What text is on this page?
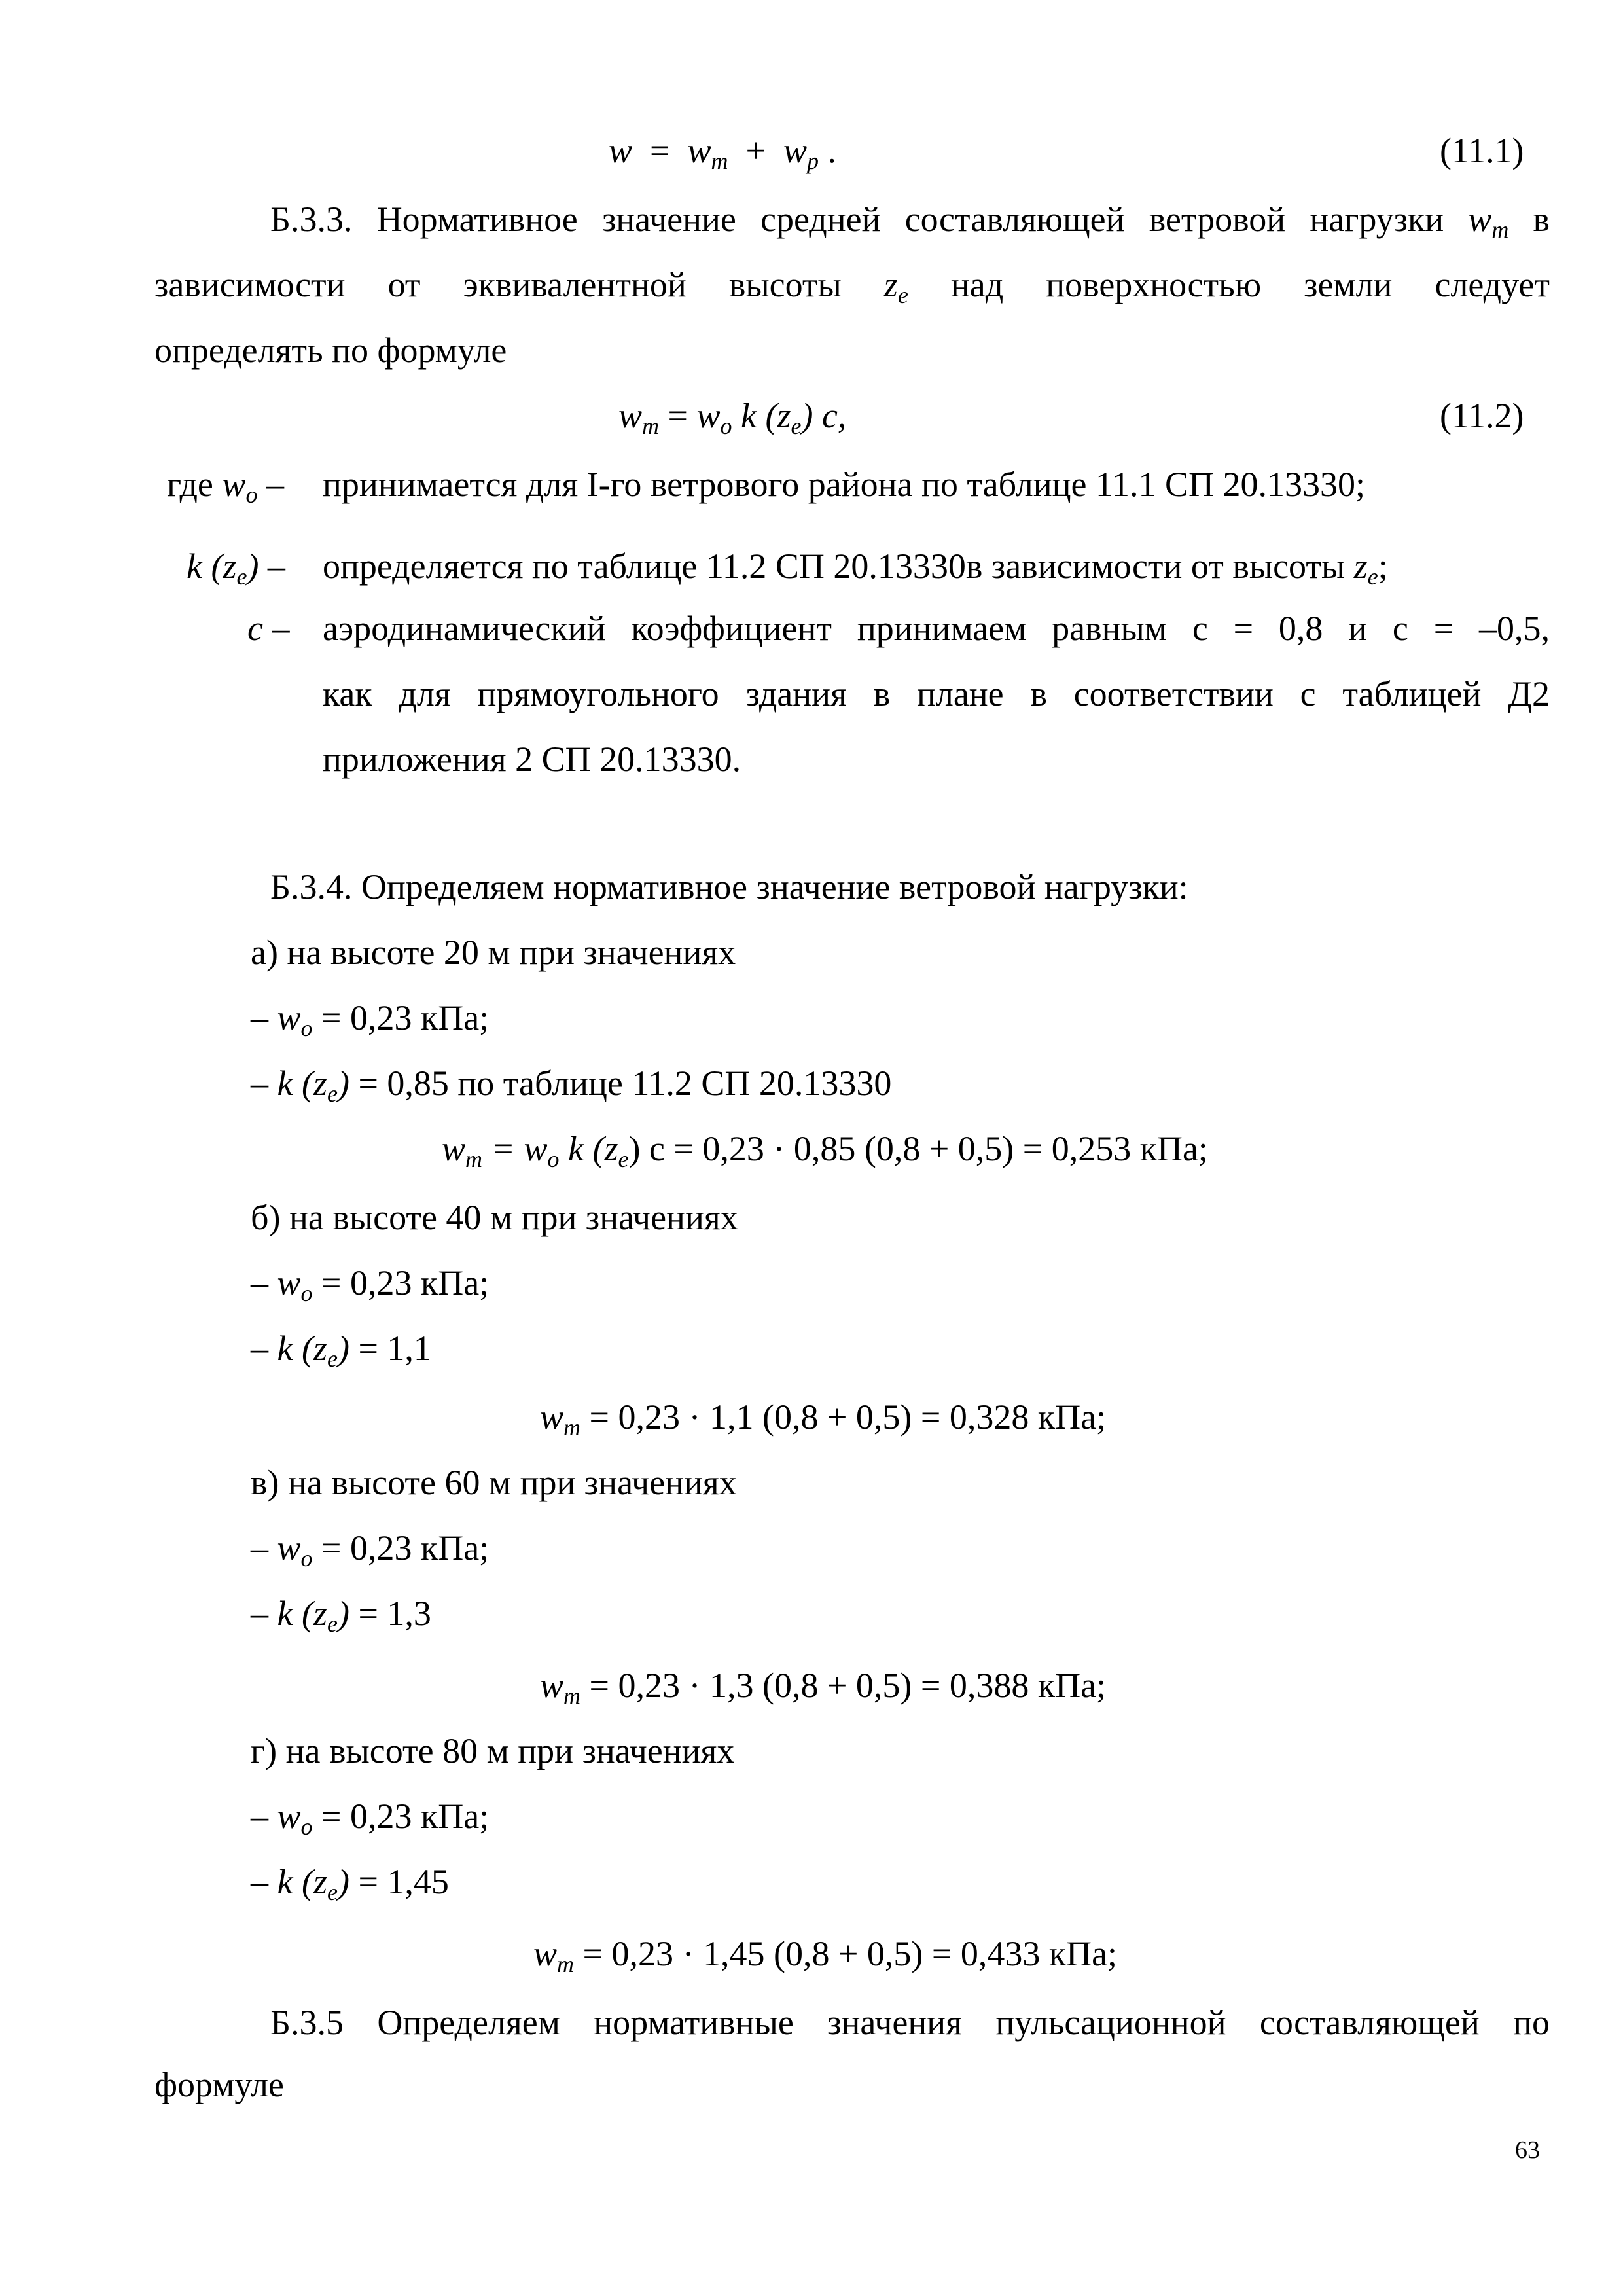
$w = w_m + w_p$ .	(11.1)
Б.3.3. Нормативное значение средней составляющей ветровой нагрузки $w_m$ в
зависимости от эквивалентной высоты $z_e$ над поверхностью земли следует
определять по формуле
$w_m = w_o$ k $(z_e)$ c,	(11.2)
где $w_o$ – принимается для I-го ветрового района по таблице 11.1 СП 20.13330;
k $(z_e)$ – определяется по таблице 11.2 СП 20.13330в зависимости от высоты $z_e$;
c – аэродинамический коэффициент принимаем равным с = 0,8 и с = –0,5,
как для прямоугольного здания в плане в соответствии с таблицей Д2
приложения 2 СП 20.13330.
Б.3.4. Определяем нормативное значение ветровой нагрузки:
а) на высоте 20 м при значениях
– $w_o = 0,23$ кПа;
– k $(z_e) = 0,85$ по таблице 11.2 СП 20.13330
$w_m = w_o$ k $(z_e) c = 0,23 \cdot 0,85$ (0,8 + 0,5) = 0,253 кПа;
б) на высоте 40 м при значениях
– $w_o = 0,23$ кПа;
– k $(z_e) = 1,1$
$w_m = 0,23 \cdot 1,1$ (0,8 + 0,5) = 0,328 кПа;
в) на высоте 60 м при значениях
– $w_o = 0,23$ кПа;
– k $(z_e) = 1,3$
$w_m = 0,23 \cdot 1,3$ (0,8 + 0,5) = 0,388 кПа;
г) на высоте 80 м при значениях
– $w_o = 0,23$ кПа;
– k $(z_e) = 1,45$
$w_m = 0,23 \cdot 1,45$ (0,8 + 0,5) = 0,433 кПа;
Б.3.5 Определяем нормативные значения пульсационной составляющей по
формуле
63
